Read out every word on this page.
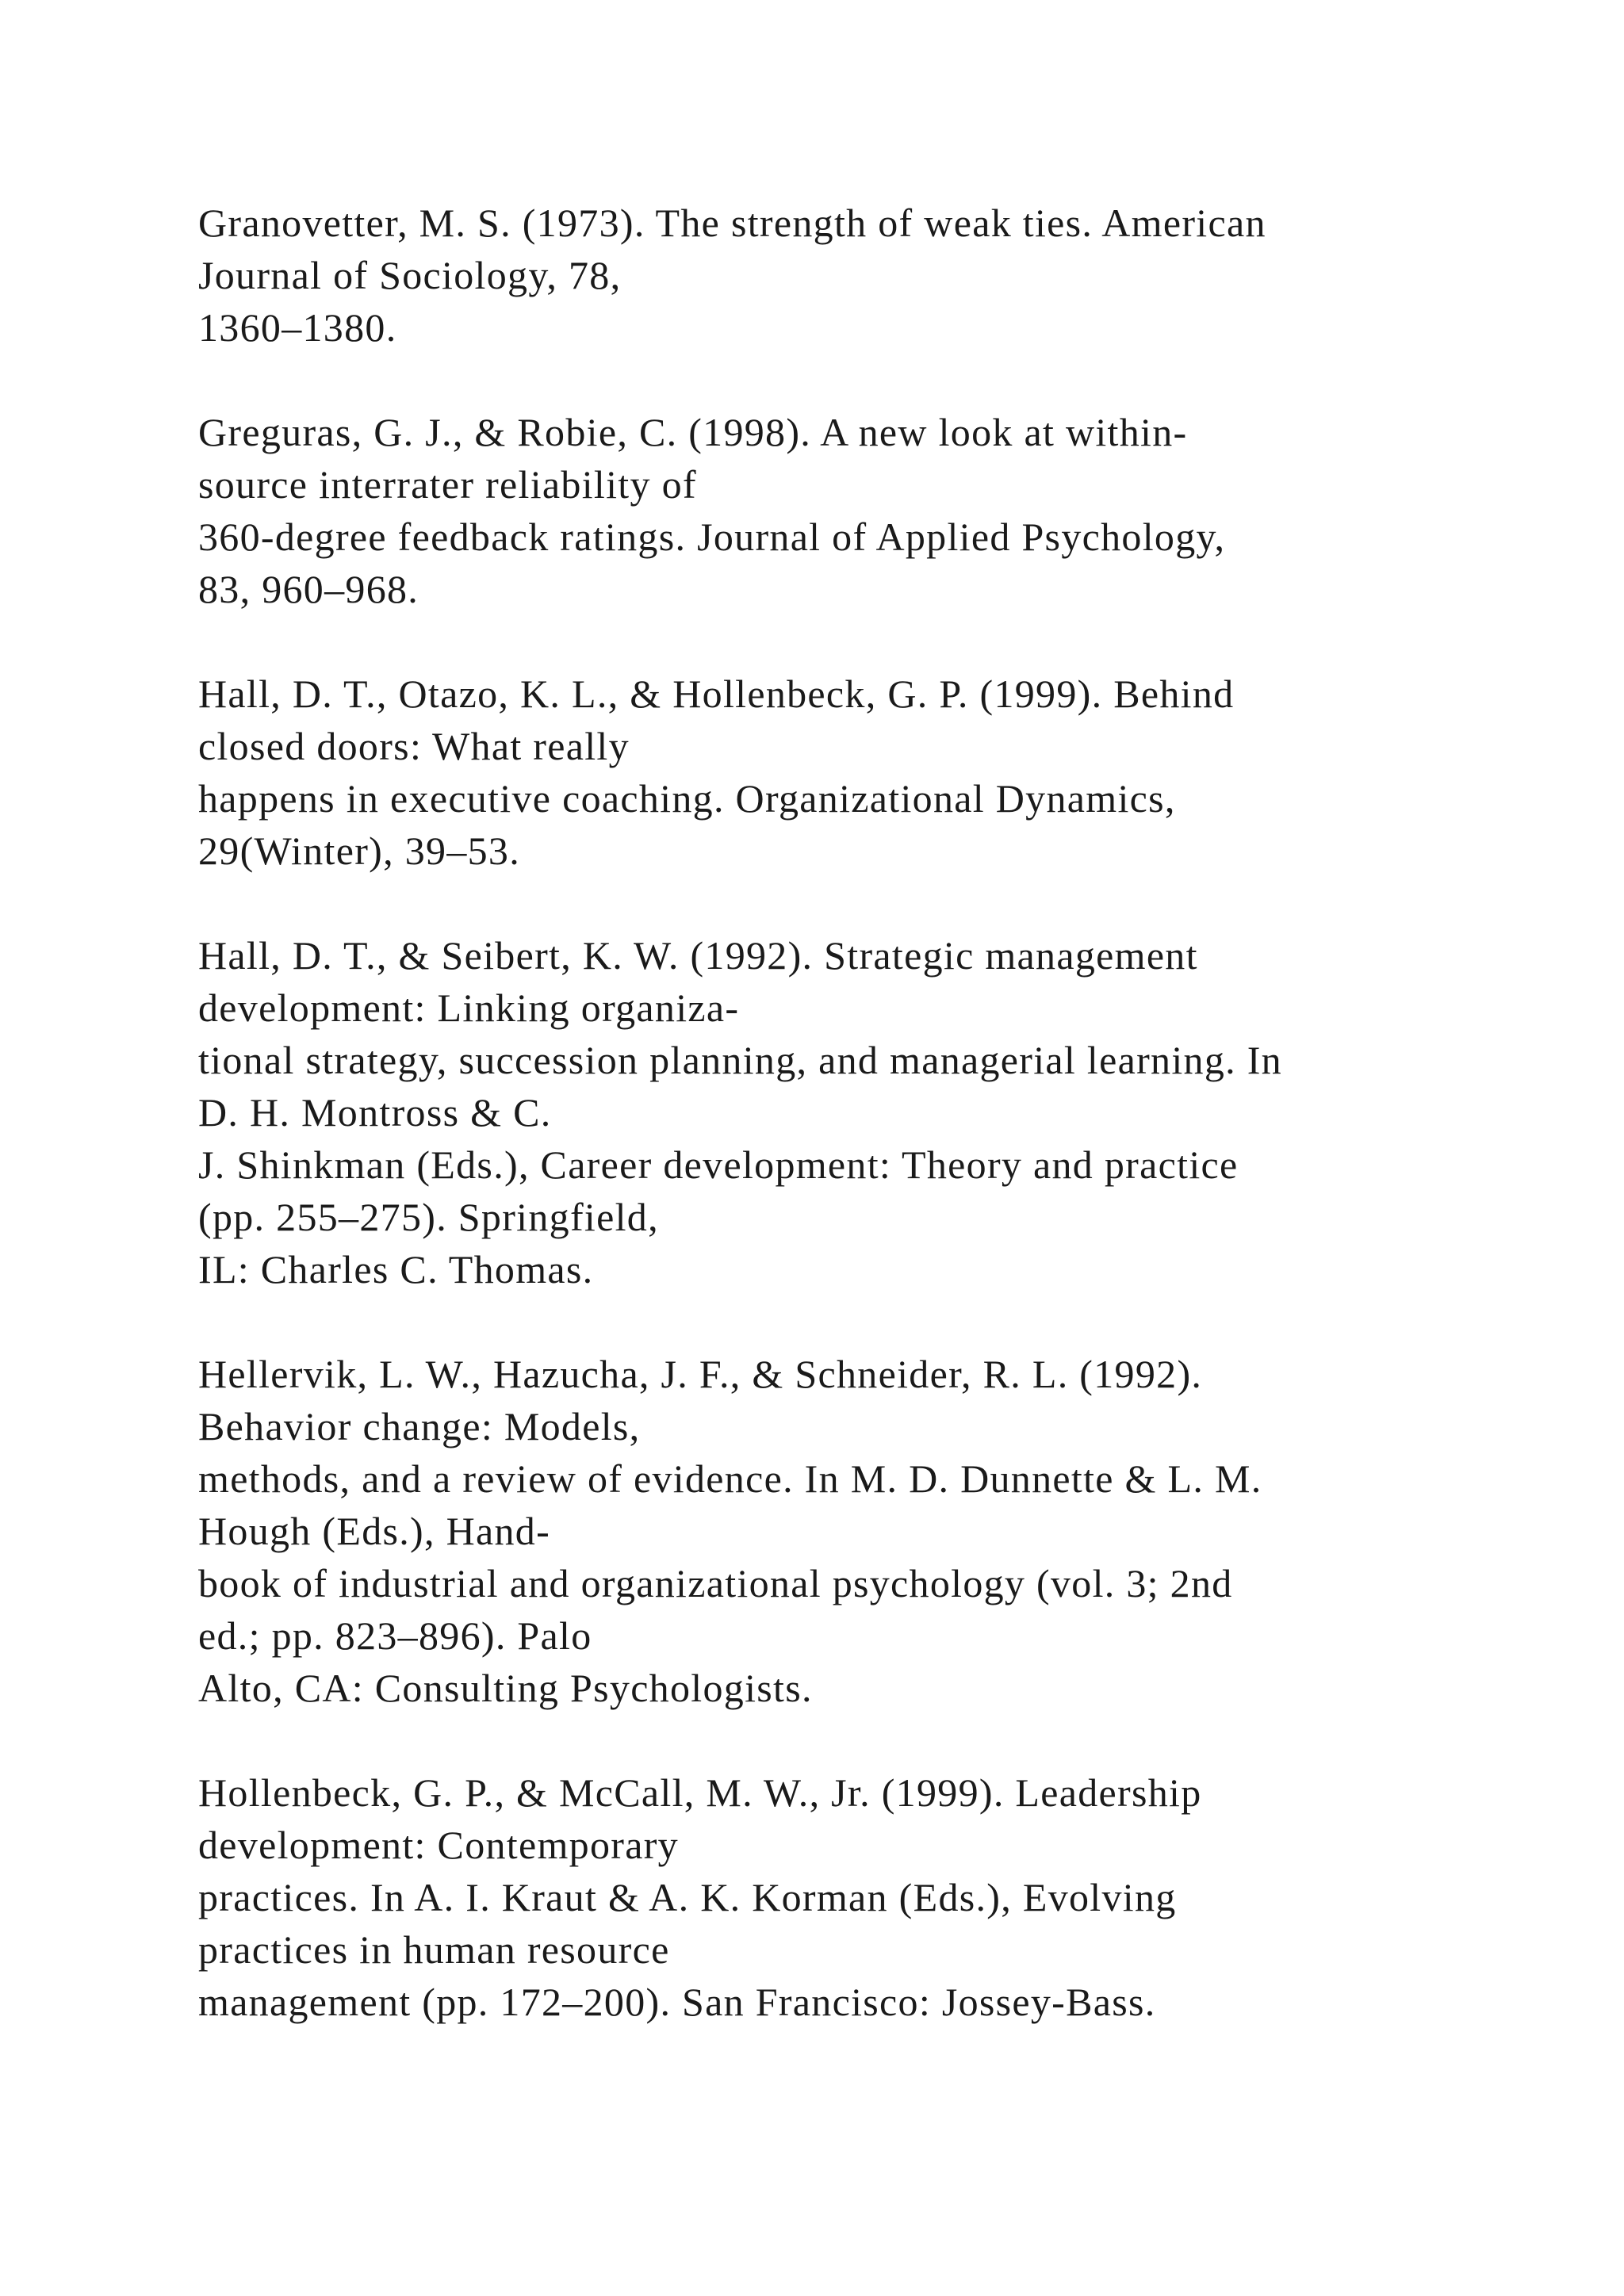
Granovetter, M. S. (1973). The strength of weak ties. American
Journal of Sociology, 78,
1360–1380.
Greguras, G. J., & Robie, C. (1998). A new look at within-
source interrater reliability of
360-degree feedback ratings. Journal of Applied Psychology,
83, 960–968.
Hall, D. T., Otazo, K. L., & Hollenbeck, G. P. (1999). Behind
closed doors: What really
happens in executive coaching. Organizational Dynamics,
29(Winter), 39–53.
Hall, D. T., & Seibert, K. W. (1992). Strategic management
development: Linking organiza-
tional strategy, succession planning, and managerial learning. In
D. H. Montross & C.
J. Shinkman (Eds.), Career development: Theory and practice
(pp. 255–275). Springfield,
IL: Charles C. Thomas.
Hellervik, L. W., Hazucha, J. F., & Schneider, R. L. (1992).
Behavior change: Models,
methods, and a review of evidence. In M. D. Dunnette & L. M.
Hough (Eds.), Hand-
book of industrial and organizational psychology (vol. 3; 2nd
ed.; pp. 823–896). Palo
Alto, CA: Consulting Psychologists.
Hollenbeck, G. P., & McCall, M. W., Jr. (1999). Leadership
development: Contemporary
practices. In A. I. Kraut & A. K. Korman (Eds.), Evolving
practices in human resource
management (pp. 172–200). San Francisco: Jossey-Bass.
